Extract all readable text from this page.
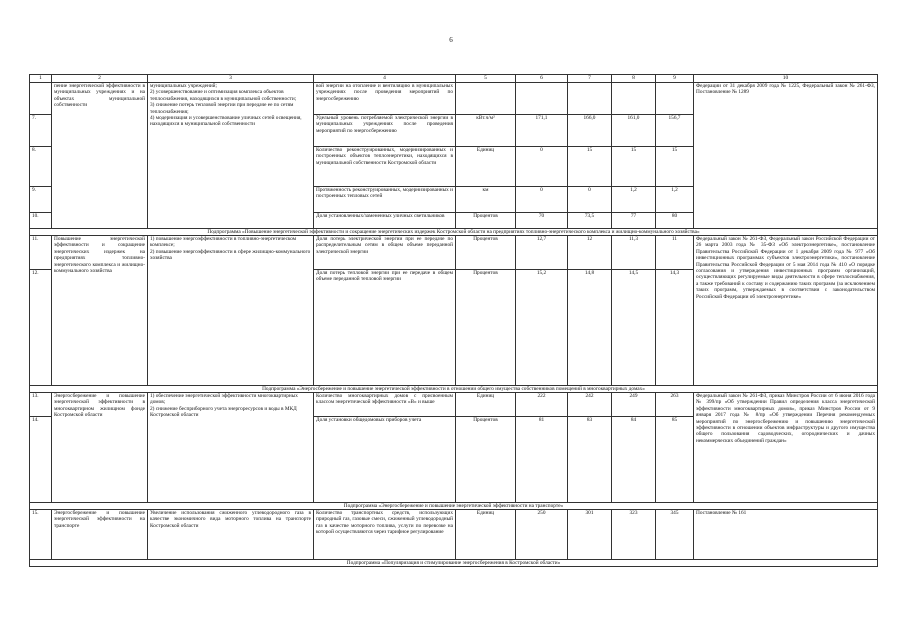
6
1	2	3	4	5	6	7	8	9	10
	пение энергетической эффективности в муниципальных учреждениях и на объектах муниципальной собственности	муниципальных учреждений;
2) усовершенствование и оптимизация комплекса объектов теплоснабжения, находящихся в муниципальной собственности;
3) снижение потерь тепловой энергии при передаче ее по сетям теплоснабжения;
4) модернизация и усовершенствование уличных сетей освещения, находящихся в муниципальной собственности	вой энергии на отопление и вентиляцию в муниципальных учреждениях после проведения мероприятий по энергосбережению						Федерации от 31 декабря 2009 года № 1225, Федеральный закон № 261-ФЗ, Постановление № 1289
7.			Удельный уровень потребляемой электрической энергии в муниципальных учреждениях после проведения мероприятий по энергосбережению	кВт.ч/м²	171,1	166,0	161,0	156,7	
8.			Количество реконструированных, модернизированных и построенных объектов теплоэнергетики, находящихся в муниципальной собственности Костромской области	Единиц	0	15	15	15	
9.			Протяженность реконструированных, модернизированных и построенных тепловых сетей	км	0	0	1,2	1,2	
10.			Доля установленных/замененных уличных светильников	Процентов	70	73,5	77	80	
Подпрограмма «Повышение энергетической эффективности и сокращение энергетических издержек Костромской области на предприятиях топливно-энергетического комплекса и жилищно-коммунального хозяйства»									
11.	Повышение энергетической эффективности и сокращение энергетических издержек на предприятиях топливно-энергетического комплекса и жилищно-коммунального хозяйства	1) повышение энергоэффективности в топливно-энергетическом комплексе;
2) повышение энергоэффективности в сфере жилищно-коммунального хозяйства	Доля потерь электрической энергии при ее передаче по распределительным сетям в общем объеме переданной электрической энергии	Процентов	12,7	12	11,3	11	Федеральный закон № 261-ФЗ, Федеральный закон Российской Федерации от 26 марта 2003 года № 35-ФЗ «Об электроэнергетике», постановление Правительства Российской Федерации от 1 декабря 2009 года № 977 «Об инвестиционных программах субъектов электроэнергетики», постановление Правительства Российской Федерации от 5 мая 2014 года № 410 «О порядке согласования и утверждения инвестиционных программ организаций, осуществляющих регулируемые виды деятельности в сфере теплоснабжения, а также требований к составу и содержанию таких программ (за исключением таких программ, утверждаемых в соответствии с законодательством Российской Федерации об электроэнергетике»
12.			Доля потерь тепловой энергии при ее передаче в общем объеме переданной тепловой энергии	Процентов	15,2	14,8	14,5	14,3	
Подпрограмма «Энергосбережение и повышение энергетической эффективности в отношении общего имущества собственников помещений в многоквартирных домах»									
13.	Энергосбережение и повышение энергетической эффективности в многоквартирном жилищном фонде Костромской области	1) обеспечение энергетической эффективности многоквартирных домов;
2) снижение бесприборного учета энергоресурсов и воды в МКД Костромской области	Количество многоквартирных домов с присвоенным классом энергетической эффективности «В» и выше	Единиц	222	242	249	263	Федеральный закон № 261-ФЗ, приказ Минстроя России от 6 июня 2016 года № 399/пр «Об утверждении Правил определения класса энергетической эффективности многоквартирных домов», приказ Минстроя России от 9 января 2017 года № 8/пр «Об утверждении Перечня рекомендуемых мероприятий по энергосбережению и повышению энергетической эффективности в отношении объектов инфраструктуры и другого имущества общего пользования садоводческих, огороднических и дачных некоммерческих объединений граждан»
14.			Доля установки общедомовых приборов учета	Процентов	81	83	84	85	
Подпрограмма «Энергосбережение и повышение энергетической эффективности на транспорте»									
15.	Энергосбережение и повышение энергетической эффективности на транспорте	Увеличение использования сжиженного углеводородного газа в качестве экономичного вида моторного топлива на транспорте Костромской области	Количество транспортных средств, использующих природный газ, газовые смеси, сжиженный углеводородный газ в качестве моторного топлива, услуги по перевозке на которой осуществляются через тарифное регулирование	Единиц	250	301	323	345	Постановление № 161
Подпрограмма «Популяризация и стимулирование энергосбережения в Костромской области»									
